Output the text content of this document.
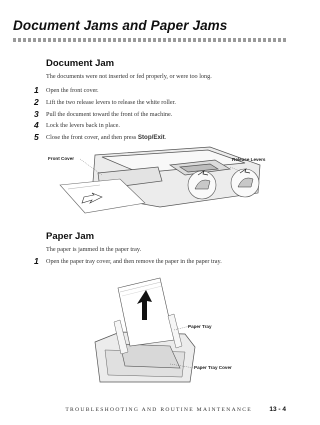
Document Jams and Paper Jams
Document Jam

The documents were not inserted or fed properly, or were too long.

1	Open the front cover.
2	Lift the two release levers to release the white roller.
3	Pull the document toward the front of the machine.
4	Lock the levers back in place.
5	Close the front cover, and then press Stop/Exit.
Front Cover	Release Levers
Paper Jam

The paper is jammed in the paper tray.

1	Open the paper tray cover, and then remove the paper in the paper tray.
Paper Tray
Paper Tray Cover
TROUBLESHOOTING AND ROUTINE MAINTENANCE	13 - 4
